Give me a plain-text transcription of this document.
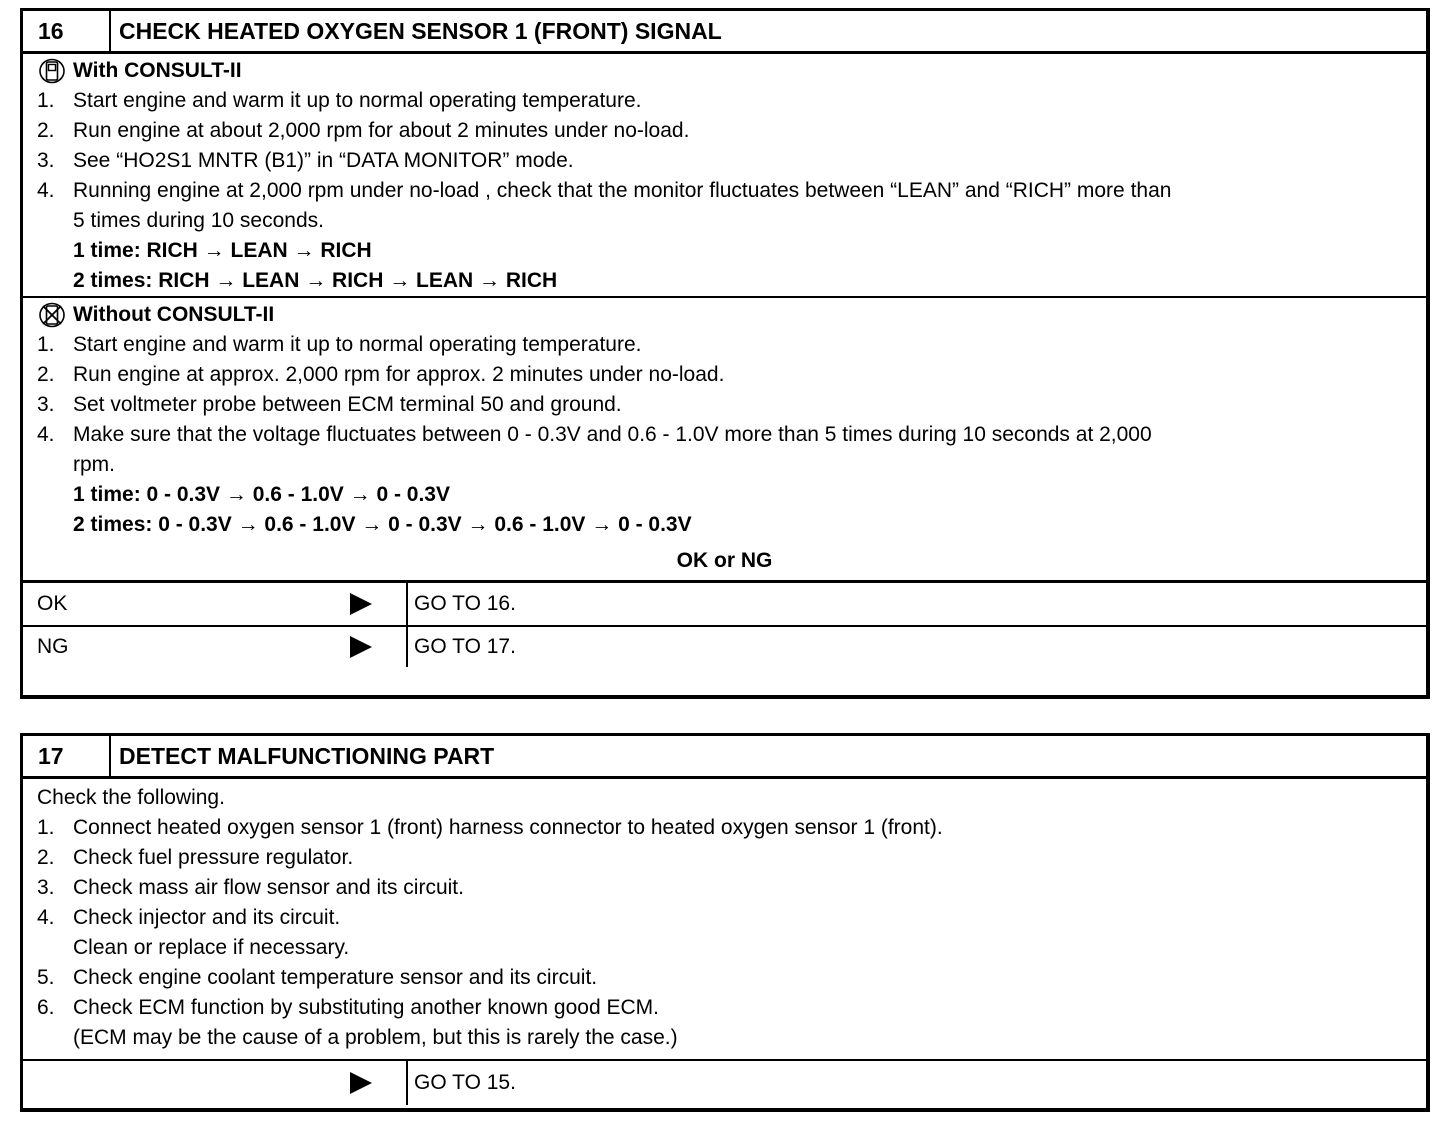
16	CHECK HEATED OXYGEN SENSOR 1 (FRONT) SIGNAL
With CONSULT-II
1. Start engine and warm it up to normal operating temperature.
2. Run engine at about 2,000 rpm for about 2 minutes under no-load.
3. See “HO2S1 MNTR (B1)” in “DATA MONITOR” mode.
4. Running engine at 2,000 rpm under no-load , check that the monitor fluctuates between “LEAN” and “RICH” more than
5 times during 10 seconds.
1 time: RICH → LEAN → RICH
2 times: RICH → LEAN → RICH → LEAN → RICH
Without CONSULT-II
1. Start engine and warm it up to normal operating temperature.
2. Run engine at approx. 2,000 rpm for approx. 2 minutes under no-load.
3. Set voltmeter probe between ECM terminal 50 and ground.
4. Make sure that the voltage fluctuates between 0 - 0.3V and 0.6 - 1.0V more than 5 times during 10 seconds at 2,000
rpm.
1 time: 0 - 0.3V → 0.6 - 1.0V → 0 - 0.3V
2 times: 0 - 0.3V → 0.6 - 1.0V → 0 - 0.3V → 0.6 - 1.0V → 0 - 0.3V
OK or NG
OK	GO TO 16.
NG	GO TO 17.
17	DETECT MALFUNCTIONING PART
Check the following.
1. Connect heated oxygen sensor 1 (front) harness connector to heated oxygen sensor 1 (front).
2. Check fuel pressure regulator.
3. Check mass air flow sensor and its circuit.
4. Check injector and its circuit.
Clean or replace if necessary.
5. Check engine coolant temperature sensor and its circuit.
6. Check ECM function by substituting another known good ECM.
(ECM may be the cause of a problem, but this is rarely the case.)
GO TO 15.
